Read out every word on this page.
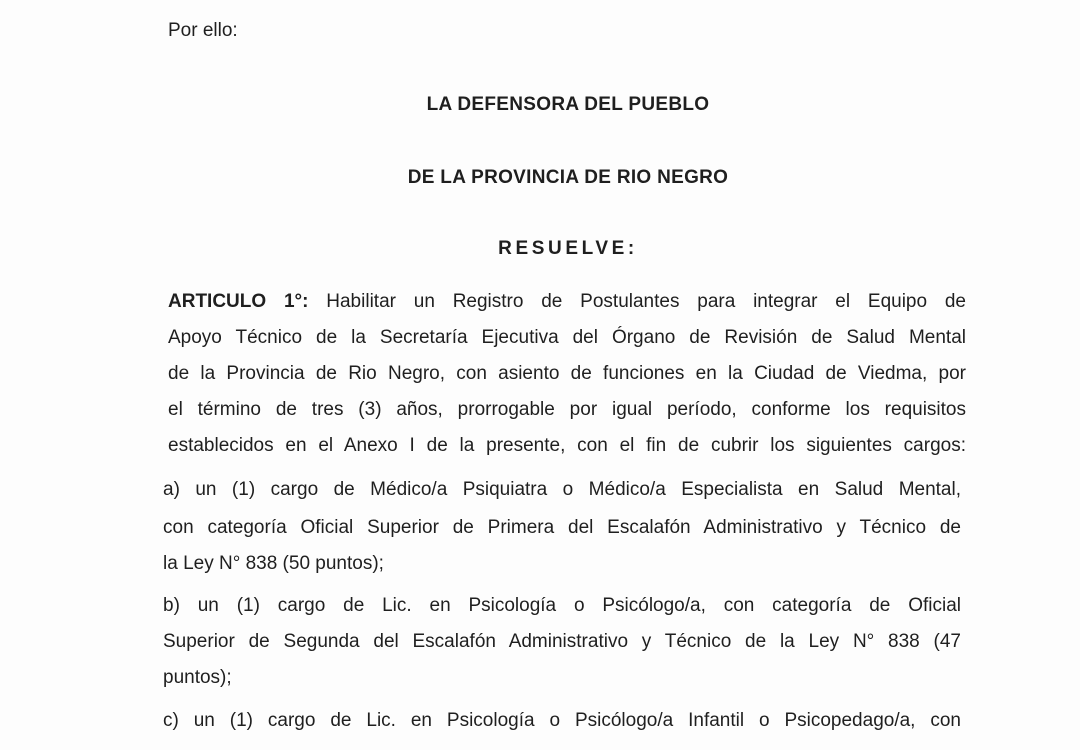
Por ello:
LA DEFENSORA DEL PUEBLO
DE LA PROVINCIA DE RIO NEGRO
RESUELVE:
ARTICULO 1°: Habilitar un Registro de Postulantes para integrar el Equipo de
Apoyo Técnico de la Secretaría Ejecutiva del Órgano de Revisión de Salud Mental
de la Provincia de Rio Negro, con asiento de funciones en la Ciudad de Viedma, por
el término de tres (3) años, prorrogable por igual período, conforme los requisitos
establecidos en el Anexo I de la presente, con el fin de cubrir los siguientes cargos:
a) un (1) cargo de Médico/a Psiquiatra o Médico/a Especialista en Salud Mental,
con categoría Oficial Superior de Primera del Escalafón Administrativo y Técnico de
la Ley N° 838 (50 puntos);
b) un (1) cargo de Lic. en Psicología o Psicólogo/a, con categoría de Oficial
Superior de Segunda del Escalafón Administrativo y Técnico de la Ley N° 838 (47
puntos);
c) un (1) cargo de Lic. en Psicología o Psicólogo/a Infantil o Psicopedago/a, con
